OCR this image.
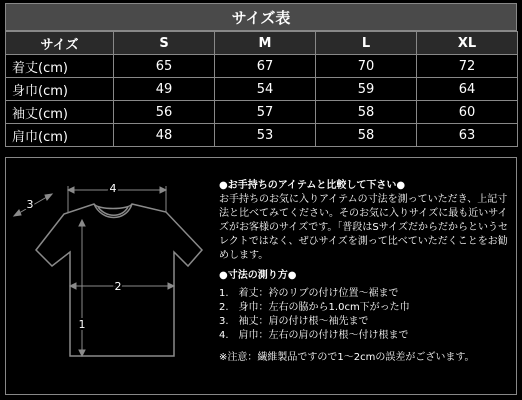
サイズ表
サイズ	S	M	L	XL
着丈(cm)	65	67	70	72
身巾(cm)	49	54	59	64
袖丈(cm)	56	57	58	60
肩巾(cm)	48	53	58	63
4
3
2
1

●お手持ちのアイテムと比較して下さい●

お手持ちのお気に入りアイテムの寸法を測っていただき、上記寸法と比べてみてください。そのお気に入りサイズに最も近いサイズがお客様のサイズです。「普段はSサイズだからだからというセレクトではなく、ぜひサイズを測って比べていただくことをお勧めします。

●寸法の測り方●

1.　着丈：衿のリブの付け位置～裾まで
2.　身巾：左右の脇から1.0cm下がった巾
3.　袖丈：肩の付け根～袖先まで
4.　肩巾：左右の肩の付け根～付け根まで

※注意：繊維製品ですので1～2cmの誤差がございます。
